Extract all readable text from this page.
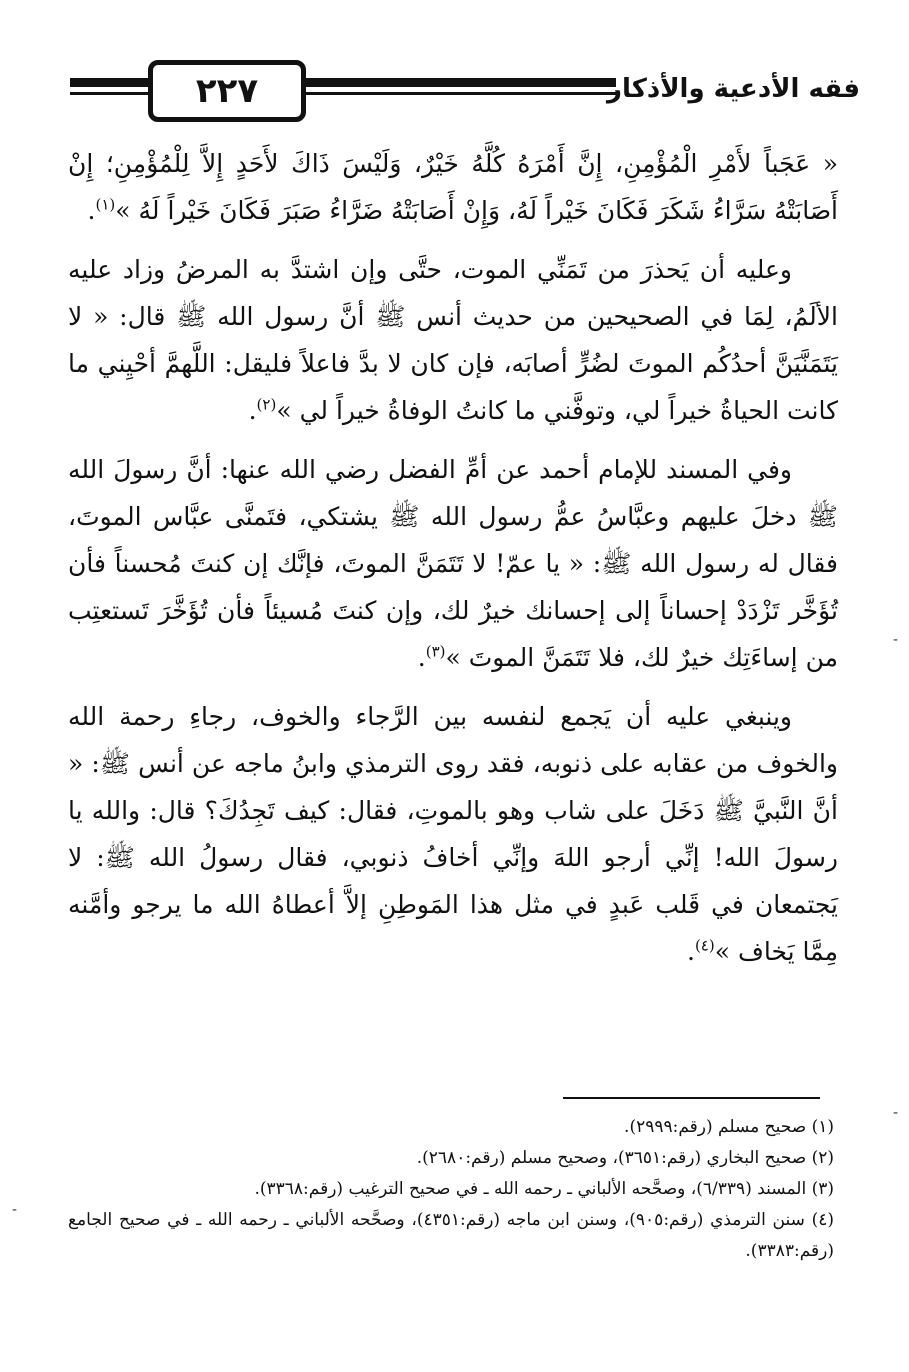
٢٢٧	فقه الأدعية والأذكار

« عَجَباً لأَمْرِ الْمُؤْمِنِ، إِنَّ أَمْرَهُ كُلَّهُ خَيْرٌ، وَلَيْسَ ذَاكَ لأَحَدٍ إِلاَّ لِلْمُؤْمِنِ؛ إِنْ أَصَابَتْهُ سَرَّاءُ شَكَرَ فَكَانَ خَيْراً لَهُ، وَإِنْ أَصَابَتْهُ ضَرَّاءُ صَبَرَ فَكَانَ خَيْراً لَهُ »$^{(١)}$.

وعليه أن يَحذرَ من تَمَنِّي الموت، حتَّى وإن اشتدَّ به المرضُ وزاد عليه الألَمُ، لِمَا في الصحيحين من حديث أنس ﷺ أنَّ رسول الله ﷺ قال: « لا يَتَمَنَّيَنَّ أحدُكُم الموتَ لضُرٍّ أصابَه، فإن كان لا بدَّ فاعلاً فليقل: اللَّهمَّ أحْيِني ما كانت الحياةُ خيراً لي، وتوفَّني ما كانتُ الوفاةُ خيراً لي »$^{(٢)}$.

وفي المسند للإمام أحمد عن أمِّ الفضل رضي الله عنها: أنَّ رسولَ الله ﷺ دخلَ عليهم وعبَّاسُ عمُّ رسول الله ﷺ يشتكي، فتَمنَّى عبَّاس الموتَ، فقال له رسول الله ﷺ: « يا عمّ! لا تَتَمَنَّ الموتَ، فإنَّك إن كنتَ مُحسناً فأن تُؤَخَّر تَزْدَدْ إحساناً إلى إحسانك خيرٌ لك، وإن كنتَ مُسيئاً فأن تُؤَخَّرَ تَستعتِب من إساءَتِك خيرٌ لك، فلا تَتَمَنَّ الموتَ »$^{(٣)}$.

وينبغي عليه أن يَجمع لنفسه بين الرَّجاء والخوف، رجاءِ رحمة الله والخوف من عقابه على ذنوبه، فقد روى الترمذي وابنُ ماجه عن أنس ﷺ: « أنَّ النَّبيَّ ﷺ دَخَلَ على شاب وهو بالموتِ، فقال: كيف تَجِدُكَ؟ قال: والله يا رسولَ الله! إنِّي أرجو اللهَ وإنِّي أخافُ ذنوبي، فقال رسولُ الله ﷺ: لا يَجتمعان في قَلب عَبدٍ في مثل هذا المَوطِنِ إلاَّ أعطاهُ الله ما يرجو وأمَّنه مِمَّا يَخاف »$^{(٤)}$.

(١) صحيح مسلم (رقم:٢٩٩٩).

(٢) صحيح البخاري (رقم:٣٦٥١)، وصحيح مسلم (رقم:٢٦٨٠).

(٣) المسند (٦/٣٣٩)، وصحَّحه الألباني ـ رحمه الله ـ في صحيح الترغيب (رقم:٣٣٦٨).

(٤) سنن الترمذي (رقم:٩٠٥)، وسنن ابن ماجه (رقم:٤٣٥١)، وصحَّحه الألباني ـ رحمه الله ـ في صحيح الجامع (رقم:٣٣٨٣).

-
-
-
